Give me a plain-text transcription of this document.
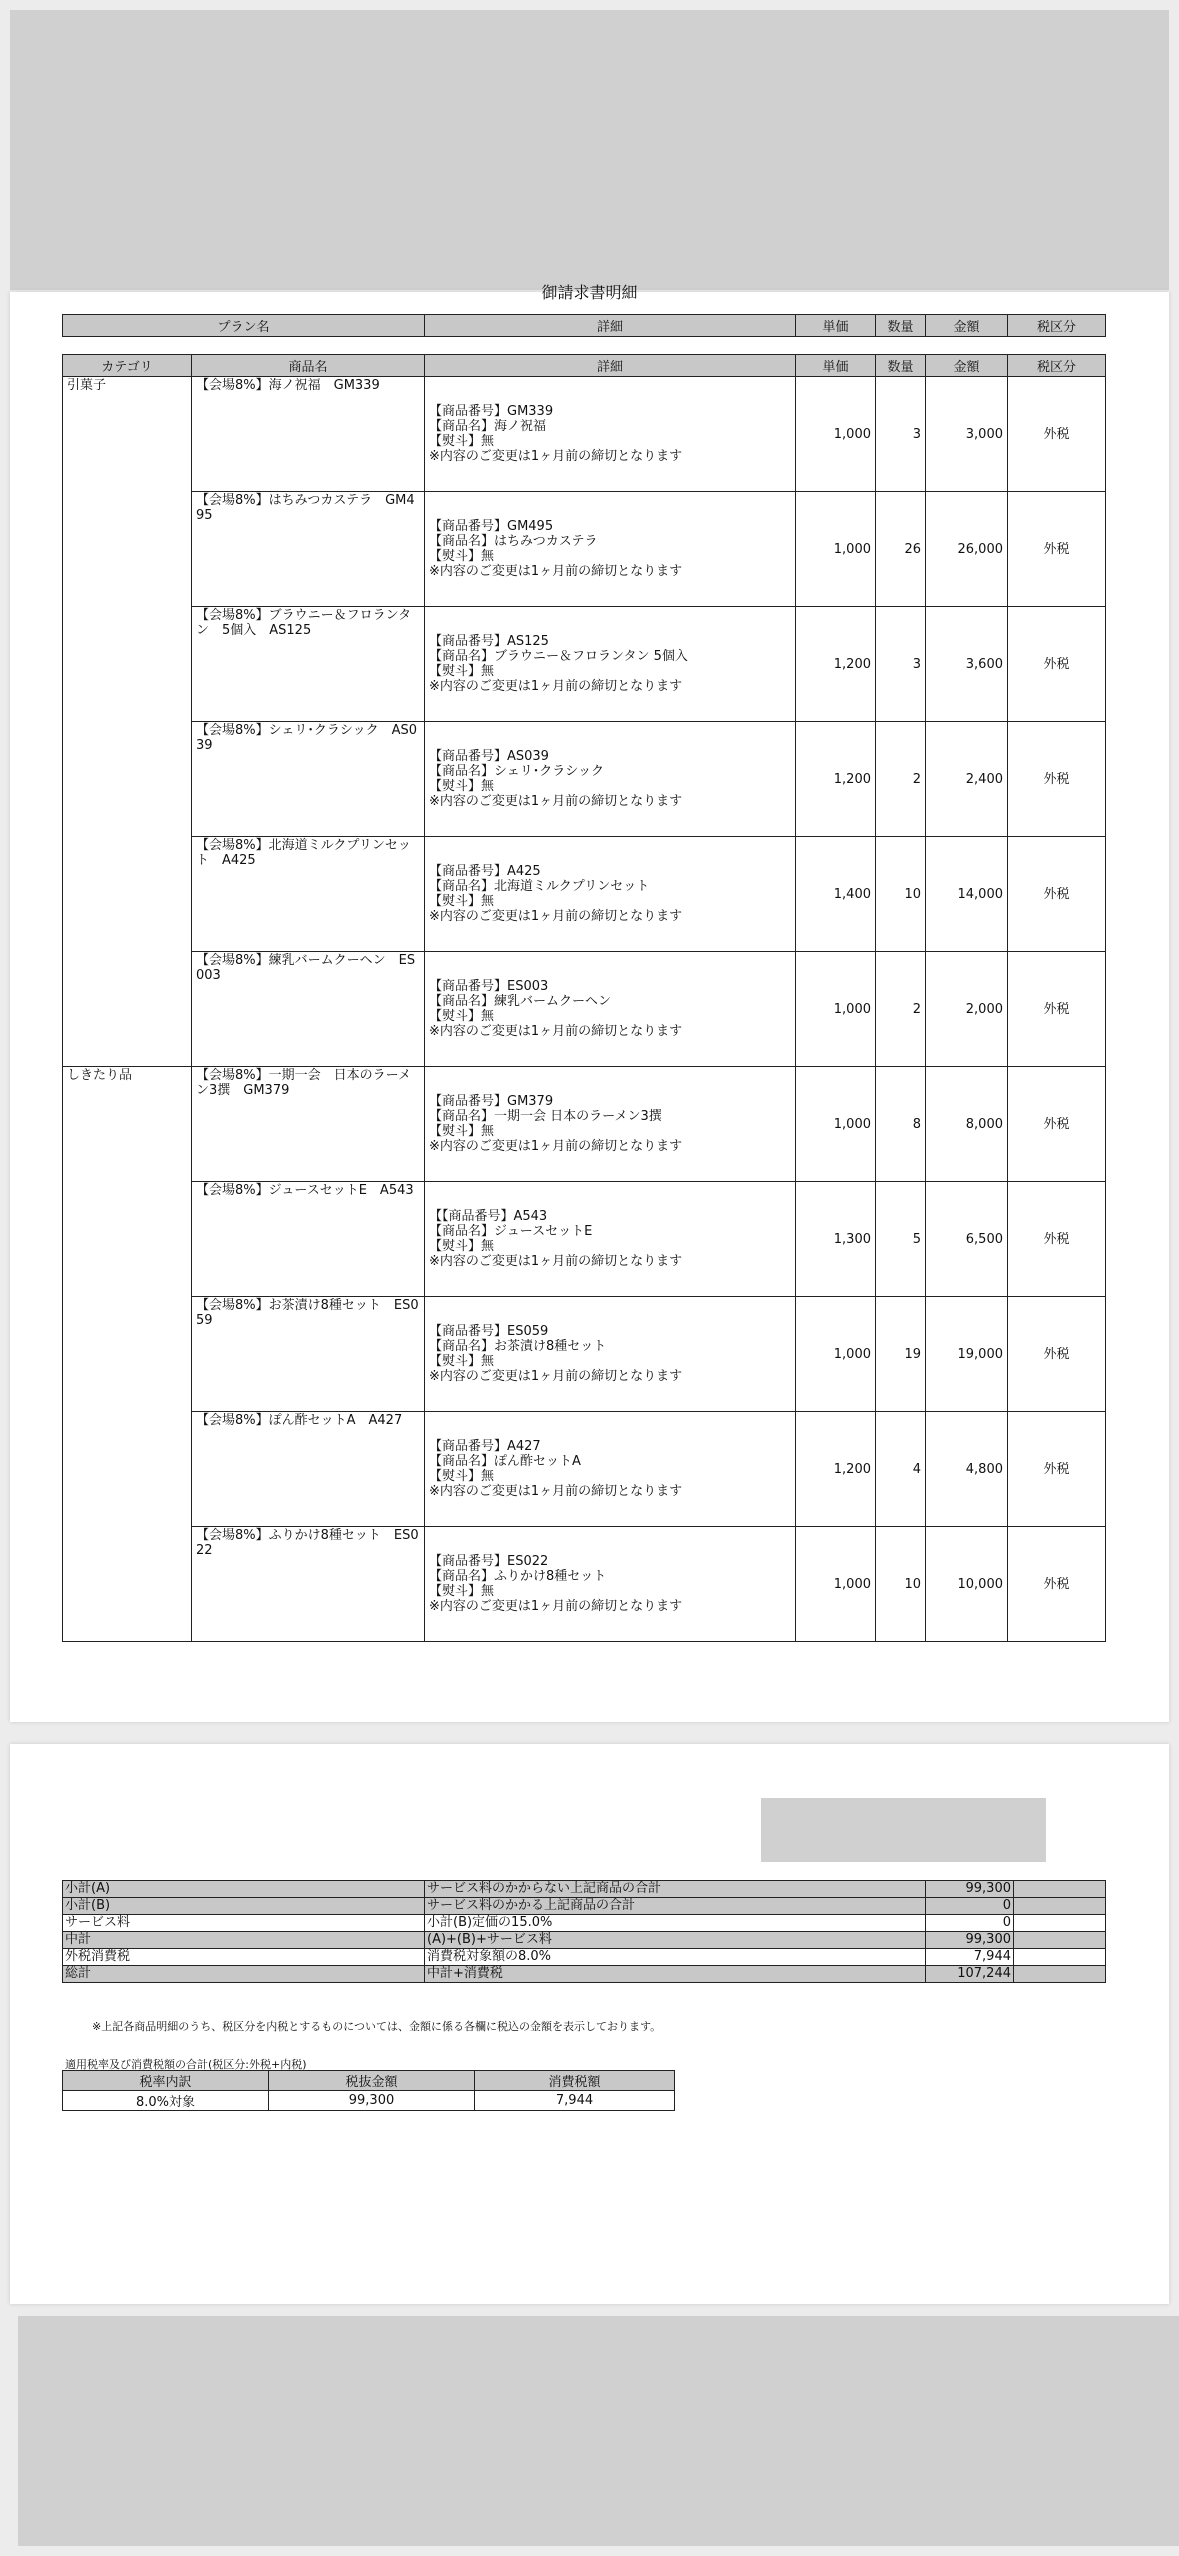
御請求書明細
プラン名	詳細	単価	数量	金額	税区分
カテゴリ	商品名	詳細	単価	数量	金額	税区分
引菓子	【会場8%】海ノ祝福　GM339	【商品番号】GM339
【商品名】海ノ祝福
【熨斗】無
※内容のご変更は1ヶ月前の締切となります	1,000	3	3,000	外税
	【会場8%】はちみつカステラ　GM495	【商品番号】GM495
【商品名】はちみつカステラ
【熨斗】無
※内容のご変更は1ヶ月前の締切となります	1,000	26	26,000	外税
	【会場8%】ブラウニー＆フロランタン　5個入　AS125	【商品番号】AS125
【商品名】ブラウニー＆フロランタン 5個入
【熨斗】無
※内容のご変更は1ヶ月前の締切となります	1,200	3	3,600	外税
	【会場8%】シェリ･クラシック　AS039	【商品番号】AS039
【商品名】シェリ･クラシック
【熨斗】無
※内容のご変更は1ヶ月前の締切となります	1,200	2	2,400	外税
	【会場8%】北海道ミルクプリンセット　A425	【商品番号】A425
【商品名】北海道ミルクプリンセット
【熨斗】無
※内容のご変更は1ヶ月前の締切となります	1,400	10	14,000	外税
	【会場8%】練乳バームクーヘン　ES003	【商品番号】ES003
【商品名】練乳バームクーヘン
【熨斗】無
※内容のご変更は1ヶ月前の締切となります	1,000	2	2,000	外税
しきたり品	【会場8%】一期一会　日本のラーメン3撰　GM379	【商品番号】GM379
【商品名】一期一会 日本のラーメン3撰
【熨斗】無
※内容のご変更は1ヶ月前の締切となります	1,000	8	8,000	外税
	【会場8%】ジュースセットE　A543	【【商品番号】A543
【商品名】ジュースセットE
【熨斗】無
※内容のご変更は1ヶ月前の締切となります	1,300	5	6,500	外税
	【会場8%】お茶漬け8種セット　ES059	【商品番号】ES059
【商品名】お茶漬け8種セット
【熨斗】無
※内容のご変更は1ヶ月前の締切となります	1,000	19	19,000	外税
	【会場8%】ぽん酢セットA　A427	【商品番号】A427
【商品名】ぽん酢セットA
【熨斗】無
※内容のご変更は1ヶ月前の締切となります	1,200	4	4,800	外税
	【会場8%】ふりかけ8種セット　ES022	【商品番号】ES022
【商品名】ふりかけ8種セット
【熨斗】無
※内容のご変更は1ヶ月前の締切となります	1,000	10	10,000	外税
小計(A)	サービス料のかからない上記商品の合計	99,300	
小計(B)	サービス料のかかる上記商品の合計	0	
サービス料	小計(B)定価の15.0%	0	
中計	(A)+(B)+サービス料	99,300	
外税消費税	消費税対象額の8.0%	7,944	
総計	中計+消費税	107,244	
※上記各商品明細のうち、税区分を内税とするものについては、金額に係る各欄に税込の金額を表示しております。
適用税率及び消費税額の合計(税区分:外税+内税)
税率内訳	税抜金額	消費税額
8.0%対象	99,300	7,944
